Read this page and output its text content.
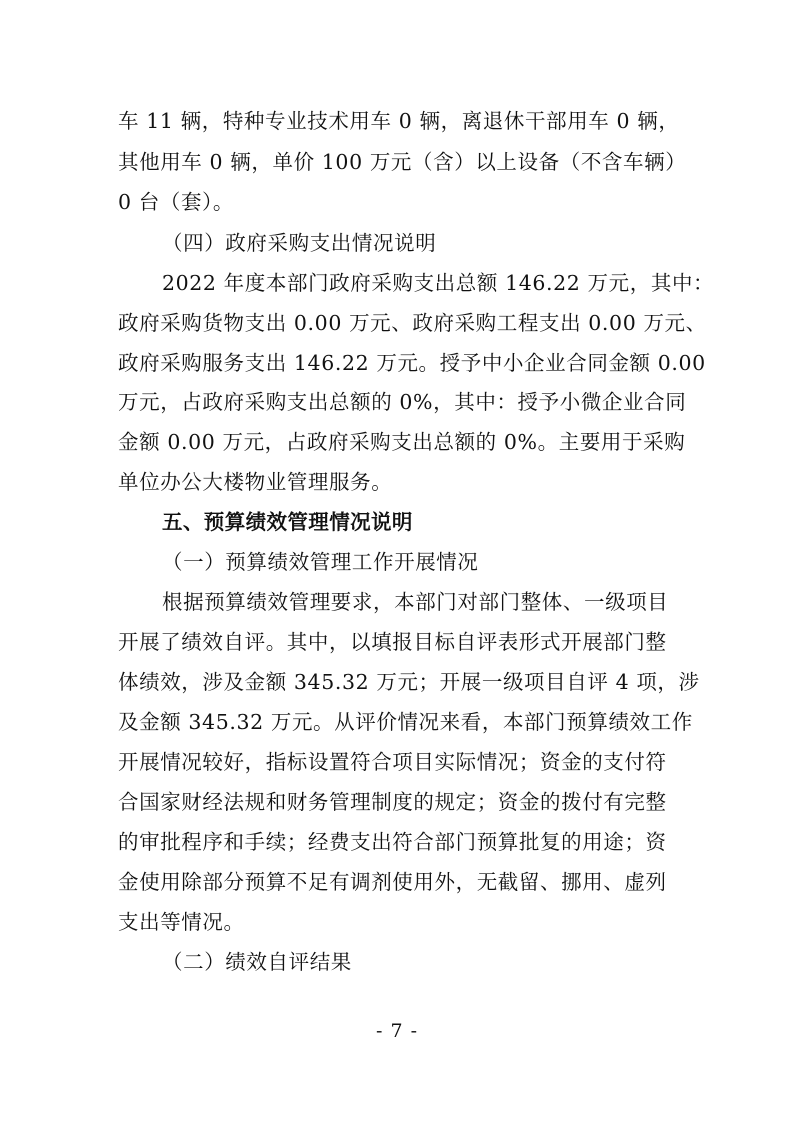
车 11 辆，特种专业技术用车 0 辆，离退休干部用车 0 辆，
其他用车 0 辆，单价 100 万元（含）以上设备（不含车辆）
0 台（套）。
（四）政府采购支出情况说明
2022 年度本部门政府采购支出总额 146.22 万元，其中：
政府采购货物支出 0.00 万元、政府采购工程支出 0.00 万元、
政府采购服务支出 146.22 万元。授予中小企业合同金额 0.00
万元，占政府采购支出总额的 0%，其中：授予小微企业合同
金额 0.00 万元，占政府采购支出总额的 0%。主要用于采购
单位办公大楼物业管理服务。
五、预算绩效管理情况说明
（一）预算绩效管理工作开展情况
根据预算绩效管理要求，本部门对部门整体、一级项目
开展了绩效自评。其中，以填报目标自评表形式开展部门整
体绩效，涉及金额 345.32 万元；开展一级项目自评 4 项，涉
及金额 345.32 万元。从评价情况来看，本部门预算绩效工作
开展情况较好，指标设置符合项目实际情况；资金的支付符
合国家财经法规和财务管理制度的规定；资金的拨付有完整
的审批程序和手续；经费支出符合部门预算批复的用途；资
金使用除部分预算不足有调剂使用外，无截留、挪用、虚列
支出等情况。
（二）绩效自评结果
- 7 -
